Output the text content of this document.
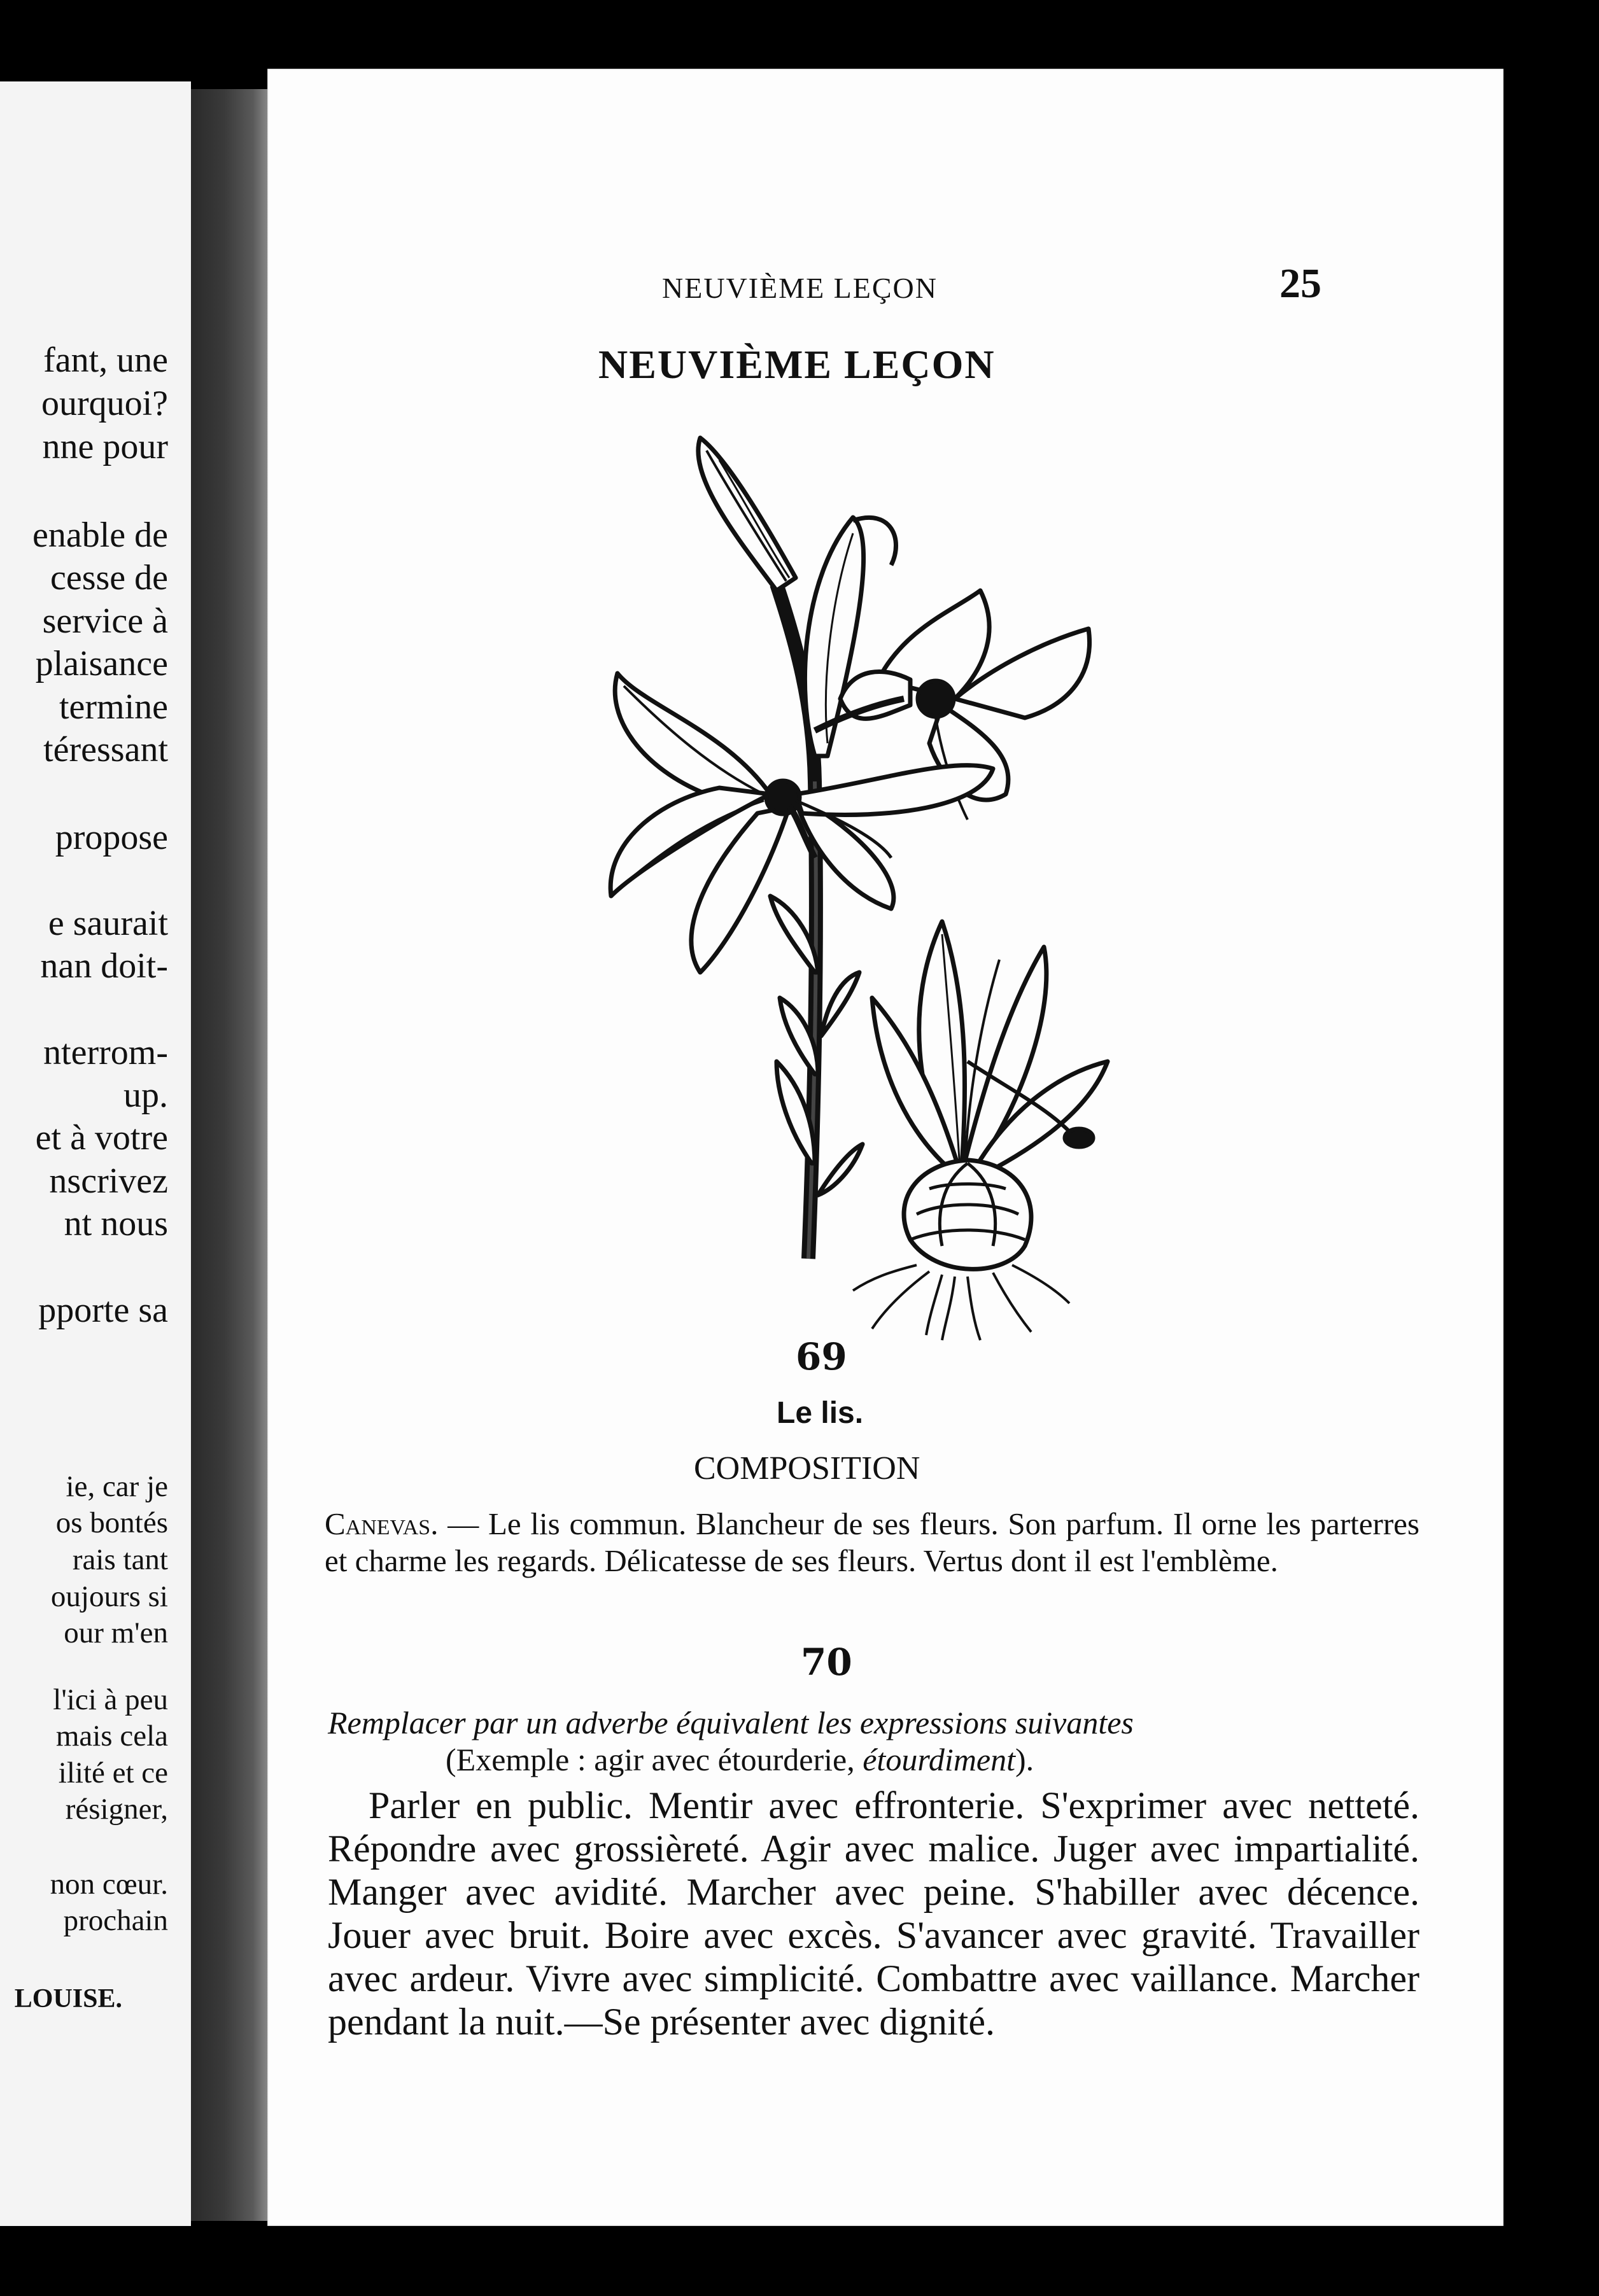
fant, une
ourquoi?
nne pour
enable de
cesse de
service à
plaisance
termine
téressant
propose
e saurait
nan doit-
nterrom-
up.
et à votre
nscrivez
nt nous
pporte sa
ie, car je
os bontés
rais tant
oujours si
our m'en
l'ici à peu
mais cela
ilité et ce
résigner,
non cœur.
prochain
LOUISE.
NEUVIÈME LEÇON	25
NEUVIÈME LEÇON
69
Le lis.
COMPOSITION
Canevas. — Le lis commun. Blancheur de ses fleurs. Son parfum. Il orne les parterres et charme les regards. Délicatesse de ses fleurs. Vertus dont il est l'emblème.
70
Remplacer par un adverbe équivalent les expressions suivantes
(Exemple : agir avec étourderie, étourdiment).
Parler en public. Mentir avec effronterie. S'exprimer avec netteté. Répondre avec grossièreté. Agir avec malice. Juger avec impartialité. Manger avec avidité. Marcher avec peine. S'habiller avec décence. Jouer avec bruit. Boire avec excès. S'avancer avec gravité. Travailler avec ardeur. Vivre avec simplicité. Combattre avec vaillance. Marcher pendant la nuit.—Se présenter avec dignité.
